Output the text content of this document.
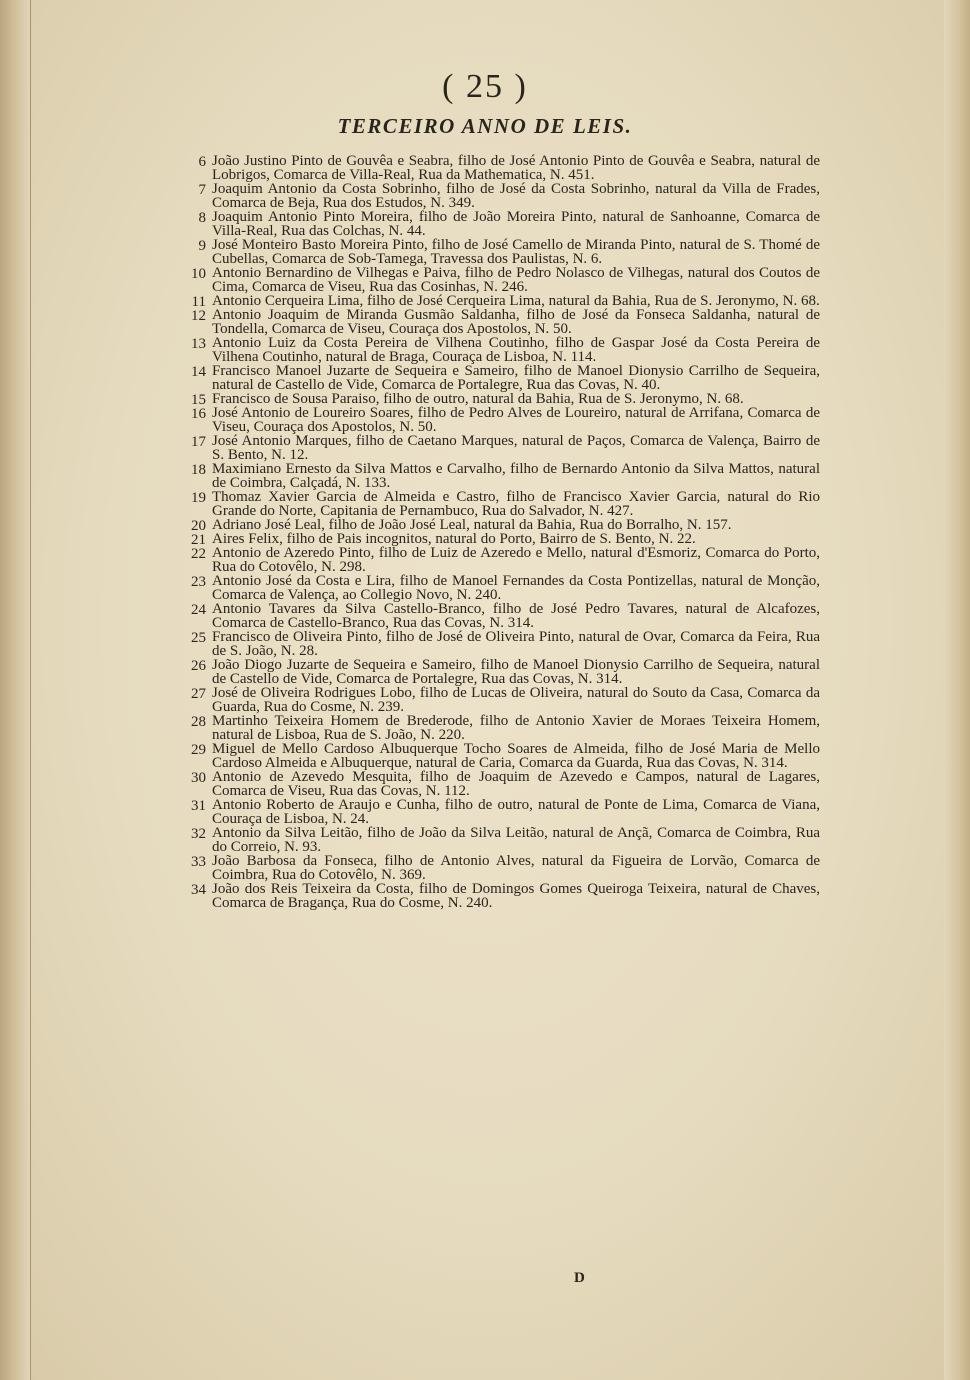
( 25 )
TERCEIRO ANNO DE LEIS.
6 João Justino Pinto de Gouvêa e Seabra, filho de José Antonio Pinto de Gouvêa e Seabra, natural de Lobrigos, Comarca de Villa-Real, Rua da Mathematica, N. 451.
7 Joaquim Antonio da Costa Sobrinho, filho de José da Costa Sobrinho, natural da Villa de Frades, Comarca de Beja, Rua dos Estudos, N. 349.
8 Joaquim Antonio Pinto Moreira, filho de João Moreira Pinto, natural de Sanhoanne, Comarca de Villa-Real, Rua das Colchas, N. 44.
9 José Monteiro Basto Moreira Pinto, filho de José Camello de Miranda Pinto, natural de S. Thomé de Cubellas, Comarca de Sob-Tamega, Travessa dos Paulistas, N. 6.
10 Antonio Bernardino de Vilhegas e Paiva, filho de Pedro Nolasco de Vilhegas, natural dos Coutos de Cima, Comarca de Viseu, Rua das Cosinhas, N. 246.
11 Antonio Cerqueira Lima, filho de José Cerqueira Lima, natural da Bahia, Rua de S. Jeronymo, N. 68.
12 Antonio Joaquim de Miranda Gusmão Saldanha, filho de José da Fonseca Saldanha, natural de Tondella, Comarca de Viseu, Couraça dos Apostolos, N. 50.
13 Antonio Luiz da Costa Pereira de Vilhena Coutinho, filho de Gaspar José da Costa Pereira de Vilhena Coutinho, natural de Braga, Couraça de Lisboa, N. 114.
14 Francisco Manoel Juzarte de Sequeira e Sameiro, filho de Manoel Dionysio Carrilho de Sequeira, natural de Castello de Vide, Comarca de Portalegre, Rua das Covas, N. 40.
15 Francisco de Sousa Paraiso, filho de outro, natural da Bahia, Rua de S. Jeronymo, N. 68.
16 José Antonio de Loureiro Soares, filho de Pedro Alves de Loureiro, natural de Arrifana, Comarca de Viseu, Couraça dos Apostolos, N. 50.
17 José Antonio Marques, filho de Caetano Marques, natural de Paços, Comarca de Valença, Bairro de S. Bento, N. 12.
18 Maximiano Ernesto da Silva Mattos e Carvalho, filho de Bernardo Antonio da Silva Mattos, natural de Coimbra, Calçadá, N. 133.
19 Thomaz Xavier Garcia de Almeida e Castro, filho de Francisco Xavier Garcia, natural do Rio Grande do Norte, Capitania de Pernambuco, Rua do Salvador, N. 427.
20 Adriano José Leal, filho de João José Leal, natural da Bahia, Rua do Borralho, N. 157.
21 Aires Felix, filho de Pais incognitos, natural do Porto, Bairro de S. Bento, N. 22.
22 Antonio de Azeredo Pinto, filho de Luiz de Azeredo e Mello, natural d'Esmoriz, Comarca do Porto, Rua do Cotovêlo, N. 298.
23 Antonio José da Costa e Lira, filho de Manoel Fernandes da Costa Pontizellas, natural de Monção, Comarca de Valença, ao Collegio Novo, N. 240.
24 Antonio Tavares da Silva Castello-Branco, filho de José Pedro Tavares, natural de Alcafozes, Comarca de Castello-Branco, Rua das Covas, N. 314.
25 Francisco de Oliveira Pinto, filho de José de Oliveira Pinto, natural de Ovar, Comarca da Feira, Rua de S. João, N. 28.
26 João Diogo Juzarte de Sequeira e Sameiro, filho de Manoel Dionysio Carrilho de Sequeira, natural de Castello de Vide, Comarca de Portalegre, Rua das Covas, N. 314.
27 José de Oliveira Rodrigues Lobo, filho de Lucas de Oliveira, natural do Souto da Casa, Comarca da Guarda, Rua do Cosme, N. 239.
28 Martinho Teixeira Homem de Brederode, filho de Antonio Xavier de Moraes Teixeira Homem, natural de Lisboa, Rua de S. João, N. 220.
29 Miguel de Mello Cardoso Albuquerque Tocho Soares de Almeida, filho de José Maria de Mello Cardoso Almeida e Albuquerque, natural de Caria, Comarca da Guarda, Rua das Covas, N. 314.
30 Antonio de Azevedo Mesquita, filho de Joaquim de Azevedo e Campos, natural de Lagares, Comarca de Viseu, Rua das Covas, N. 112.
31 Antonio Roberto de Araujo e Cunha, filho de outro, natural de Ponte de Lima, Comarca de Viana, Couraça de Lisboa, N. 24.
32 Antonio da Silva Leitão, filho de João da Silva Leitão, natural de Ançã, Comarca de Coimbra, Rua do Correio, N. 93.
33 João Barbosa da Fonseca, filho de Antonio Alves, natural da Figueira de Lorvão, Comarca de Coimbra, Rua do Cotovêlo, N. 369.
34 João dos Reis Teixeira da Costa, filho de Domingos Gomes Queiroga Teixeira, natural de Chaves, Comarca de Bragança, Rua do Cosme, N. 240.
D
